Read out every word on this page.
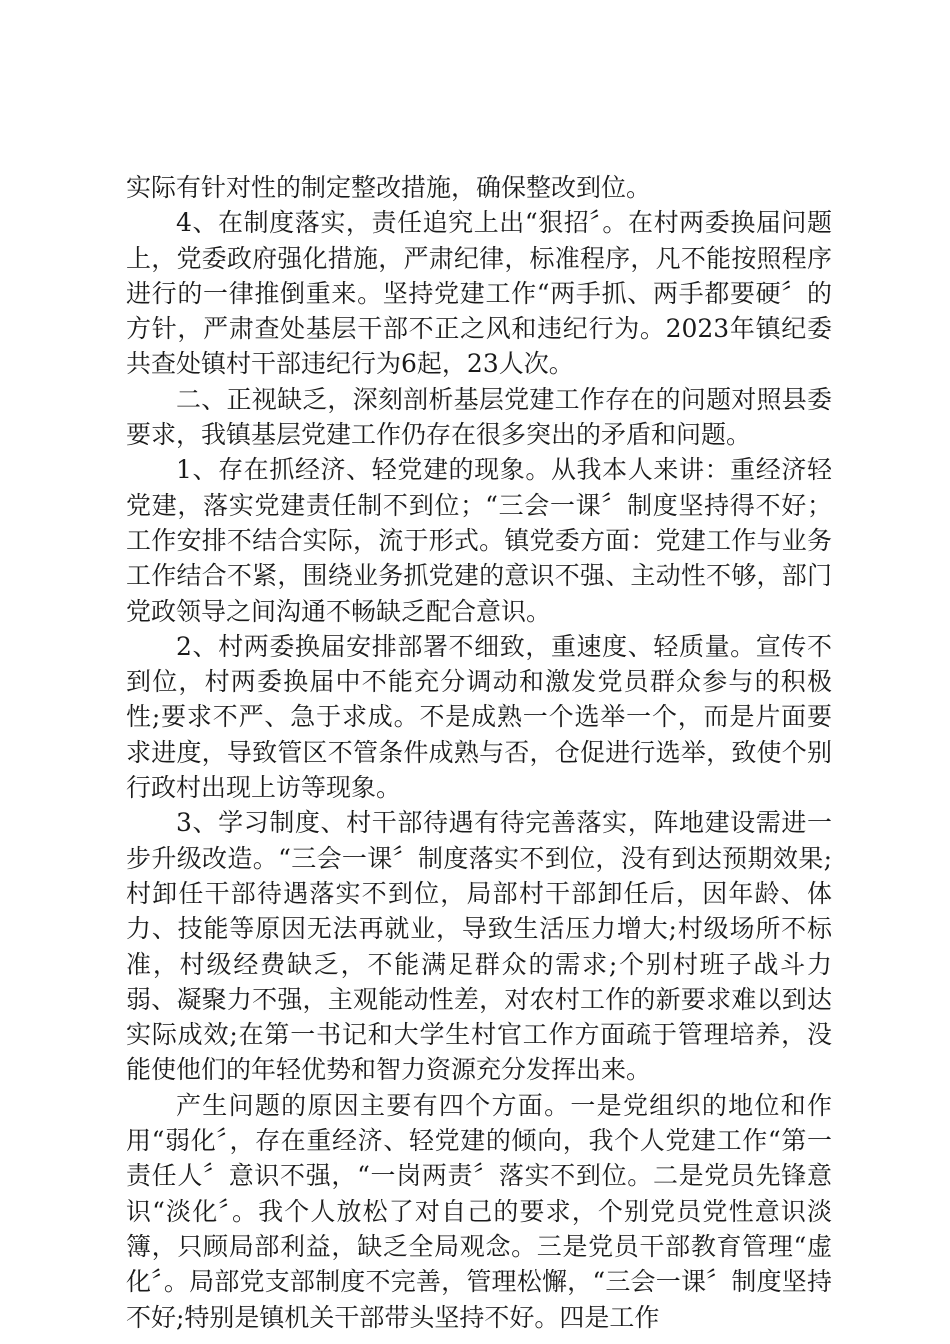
实际有针对性的制定整改措施，确保整改到位。

4、在制度落实，责任追究上出“狠招〞。在村两委换届问题上，党委政府强化措施，严肃纪律，标准程序，凡不能按照程序进行的一律推倒重来。坚持党建工作“两手抓、两手都要硬〞的方针，严肃查处基层干部不正之风和违纪行为。2023年镇纪委共查处镇村干部违纪行为6起，23人次。

二、正视缺乏，深刻剖析基层党建工作存在的问题对照县委要求，我镇基层党建工作仍存在很多突出的矛盾和问题。

1、存在抓经济、轻党建的现象。从我本人来讲：重经济轻党建，落实党建责任制不到位；“三会一课〞制度坚持得不好；工作安排不结合实际，流于形式。镇党委方面：党建工作与业务工作结合不紧，围绕业务抓党建的意识不强、主动性不够，部门党政领导之间沟通不畅缺乏配合意识。

2、村两委换届安排部署不细致，重速度、轻质量。宣传不到位，村两委换届中不能充分调动和激发党员群众参与的积极性;要求不严、急于求成。不是成熟一个选举一个，而是片面要求进度，导致管区不管条件成熟与否，仓促进行选举，致使个别行政村出现上访等现象。

3、学习制度、村干部待遇有待完善落实，阵地建设需进一步升级改造。“三会一课〞制度落实不到位，没有到达预期效果;村卸任干部待遇落实不到位，局部村干部卸任后，因年龄、体力、技能等原因无法再就业，导致生活压力增大;村级场所不标准，村级经费缺乏，不能满足群众的需求;个别村班子战斗力弱、凝聚力不强，主观能动性差，对农村工作的新要求难以到达实际成效;在第一书记和大学生村官工作方面疏于管理培养，没能使他们的年轻优势和智力资源充分发挥出来。

产生问题的原因主要有四个方面。一是党组织的地位和作用“弱化〞，存在重经济、轻党建的倾向，我个人党建工作“第一责任人〞意识不强，“一岗两责〞落实不到位。二是党员先锋意识“淡化〞。我个人放松了对自己的要求，个别党员党性意识淡簿，只顾局部利益，缺乏全局观念。三是党员干部教育管理“虚化〞。局部党支部制度不完善，管理松懈，“三会一课〞制度坚持不好;特别是镇机关干部带头坚持不好。四是工作
